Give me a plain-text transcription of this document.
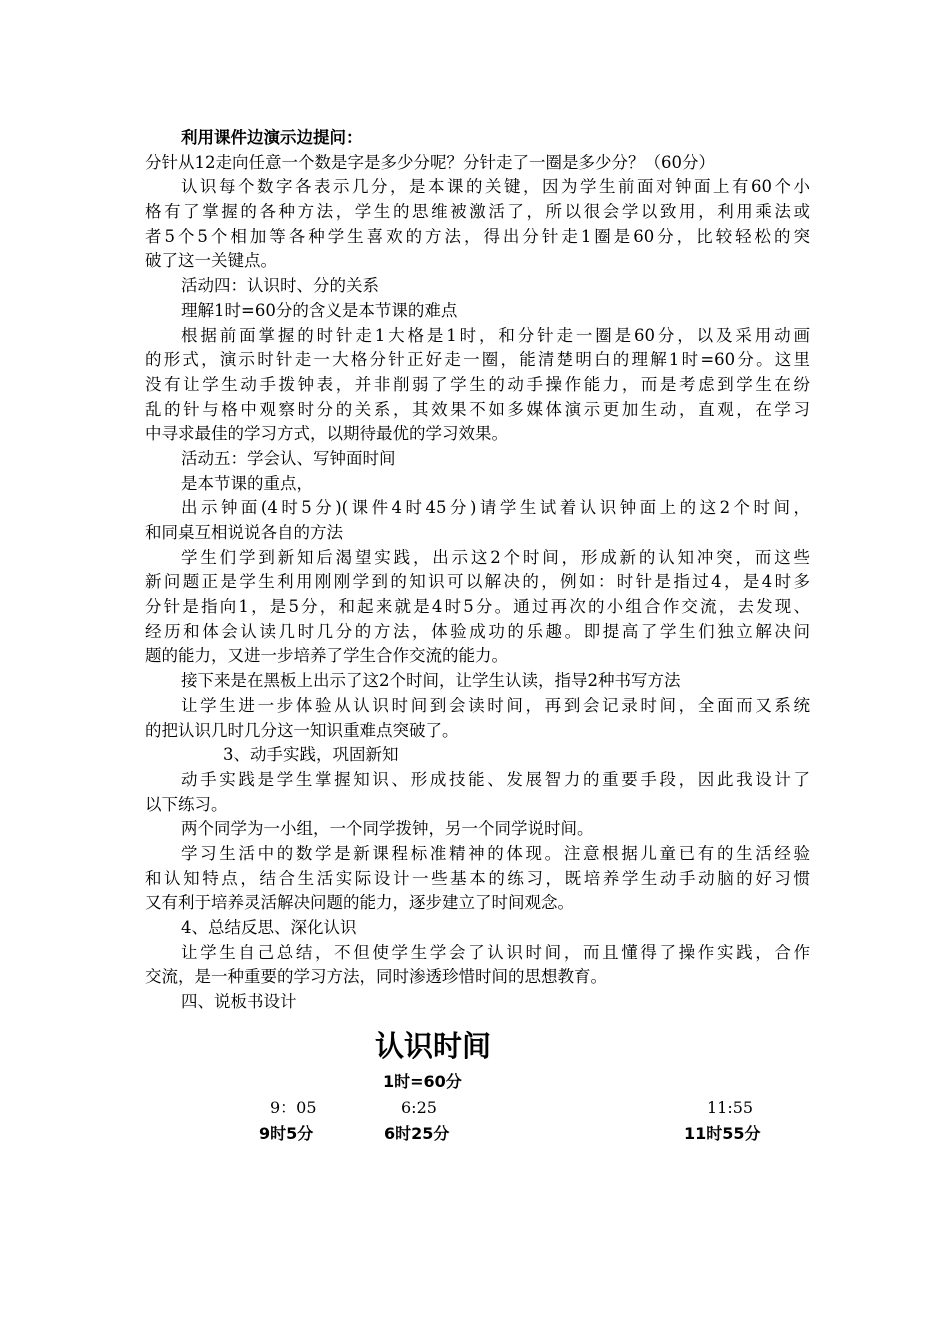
利用课件边演示边提问：
分针从12走向任意一个数是字是多少分呢？分针走了一圈是多少分？（60分）
认识每个数字各表示几分，是本课的关键，因为学生前面对钟面上有60个小
格有了掌握的各种方法，学生的思维被激活了，所以很会学以致用，利用乘法或
者5个5个相加等各种学生喜欢的方法，得出分针走1圈是60分，比较轻松的突
破了这一关键点。
活动四：认识时、分的关系
理解1时=60分的含义是本节课的难点
根据前面掌握的时针走1大格是1时，和分针走一圈是60分，以及采用动画
的形式，演示时针走一大格分针正好走一圈，能清楚明白的理解1时=60分。这里
没有让学生动手拨钟表，并非削弱了学生的动手操作能力，而是考虑到学生在纷
乱的针与格中观察时分的关系，其效果不如多媒体演示更加生动，直观，在学习
中寻求最佳的学习方式，以期待最优的学习效果。
活动五：学会认、写钟面时间
是本节课的重点，
出示钟面(4时5分)(课件4时45分)请学生试着认识钟面上的这2个时间，
和同桌互相说说各自的方法
学生们学到新知后渴望实践，出示这2个时间，形成新的认知冲突，而这些
新问题正是学生利用刚刚学到的知识可以解决的，例如：时针是指过4，是4时多
分针是指向1，是5分，和起来就是4时5分。通过再次的小组合作交流，去发现、
经历和体会认读几时几分的方法，体验成功的乐趣。即提高了学生们独立解决问
题的能力，又进一步培养了学生合作交流的能力。
接下来是在黑板上出示了这2个时间，让学生认读，指导2种书写方法
让学生进一步体验从认识时间到会读时间，再到会记录时间，全面而又系统
的把认识几时几分这一知识重难点突破了。
3、动手实践，巩固新知
动手实践是学生掌握知识、形成技能、发展智力的重要手段，因此我设计了
以下练习。
两个同学为一小组，一个同学拨钟，另一个同学说时间。
学习生活中的数学是新课程标准精神的体现。注意根据儿童已有的生活经验
和认知特点，结合生活实际设计一些基本的练习，既培养学生动手动脑的好习惯
又有利于培养灵活解决问题的能力，逐步建立了时间观念。
4、总结反思、深化认识
让学生自己总结，不但使学生学会了认识时间，而且懂得了操作实践，合作
交流，是一种重要的学习方法，同时渗透珍惜时间的思想教育。
四、说板书设计
认识时间
1时=60分
9：05
9时5分
6:25
6时25分
11:55
11时55分
